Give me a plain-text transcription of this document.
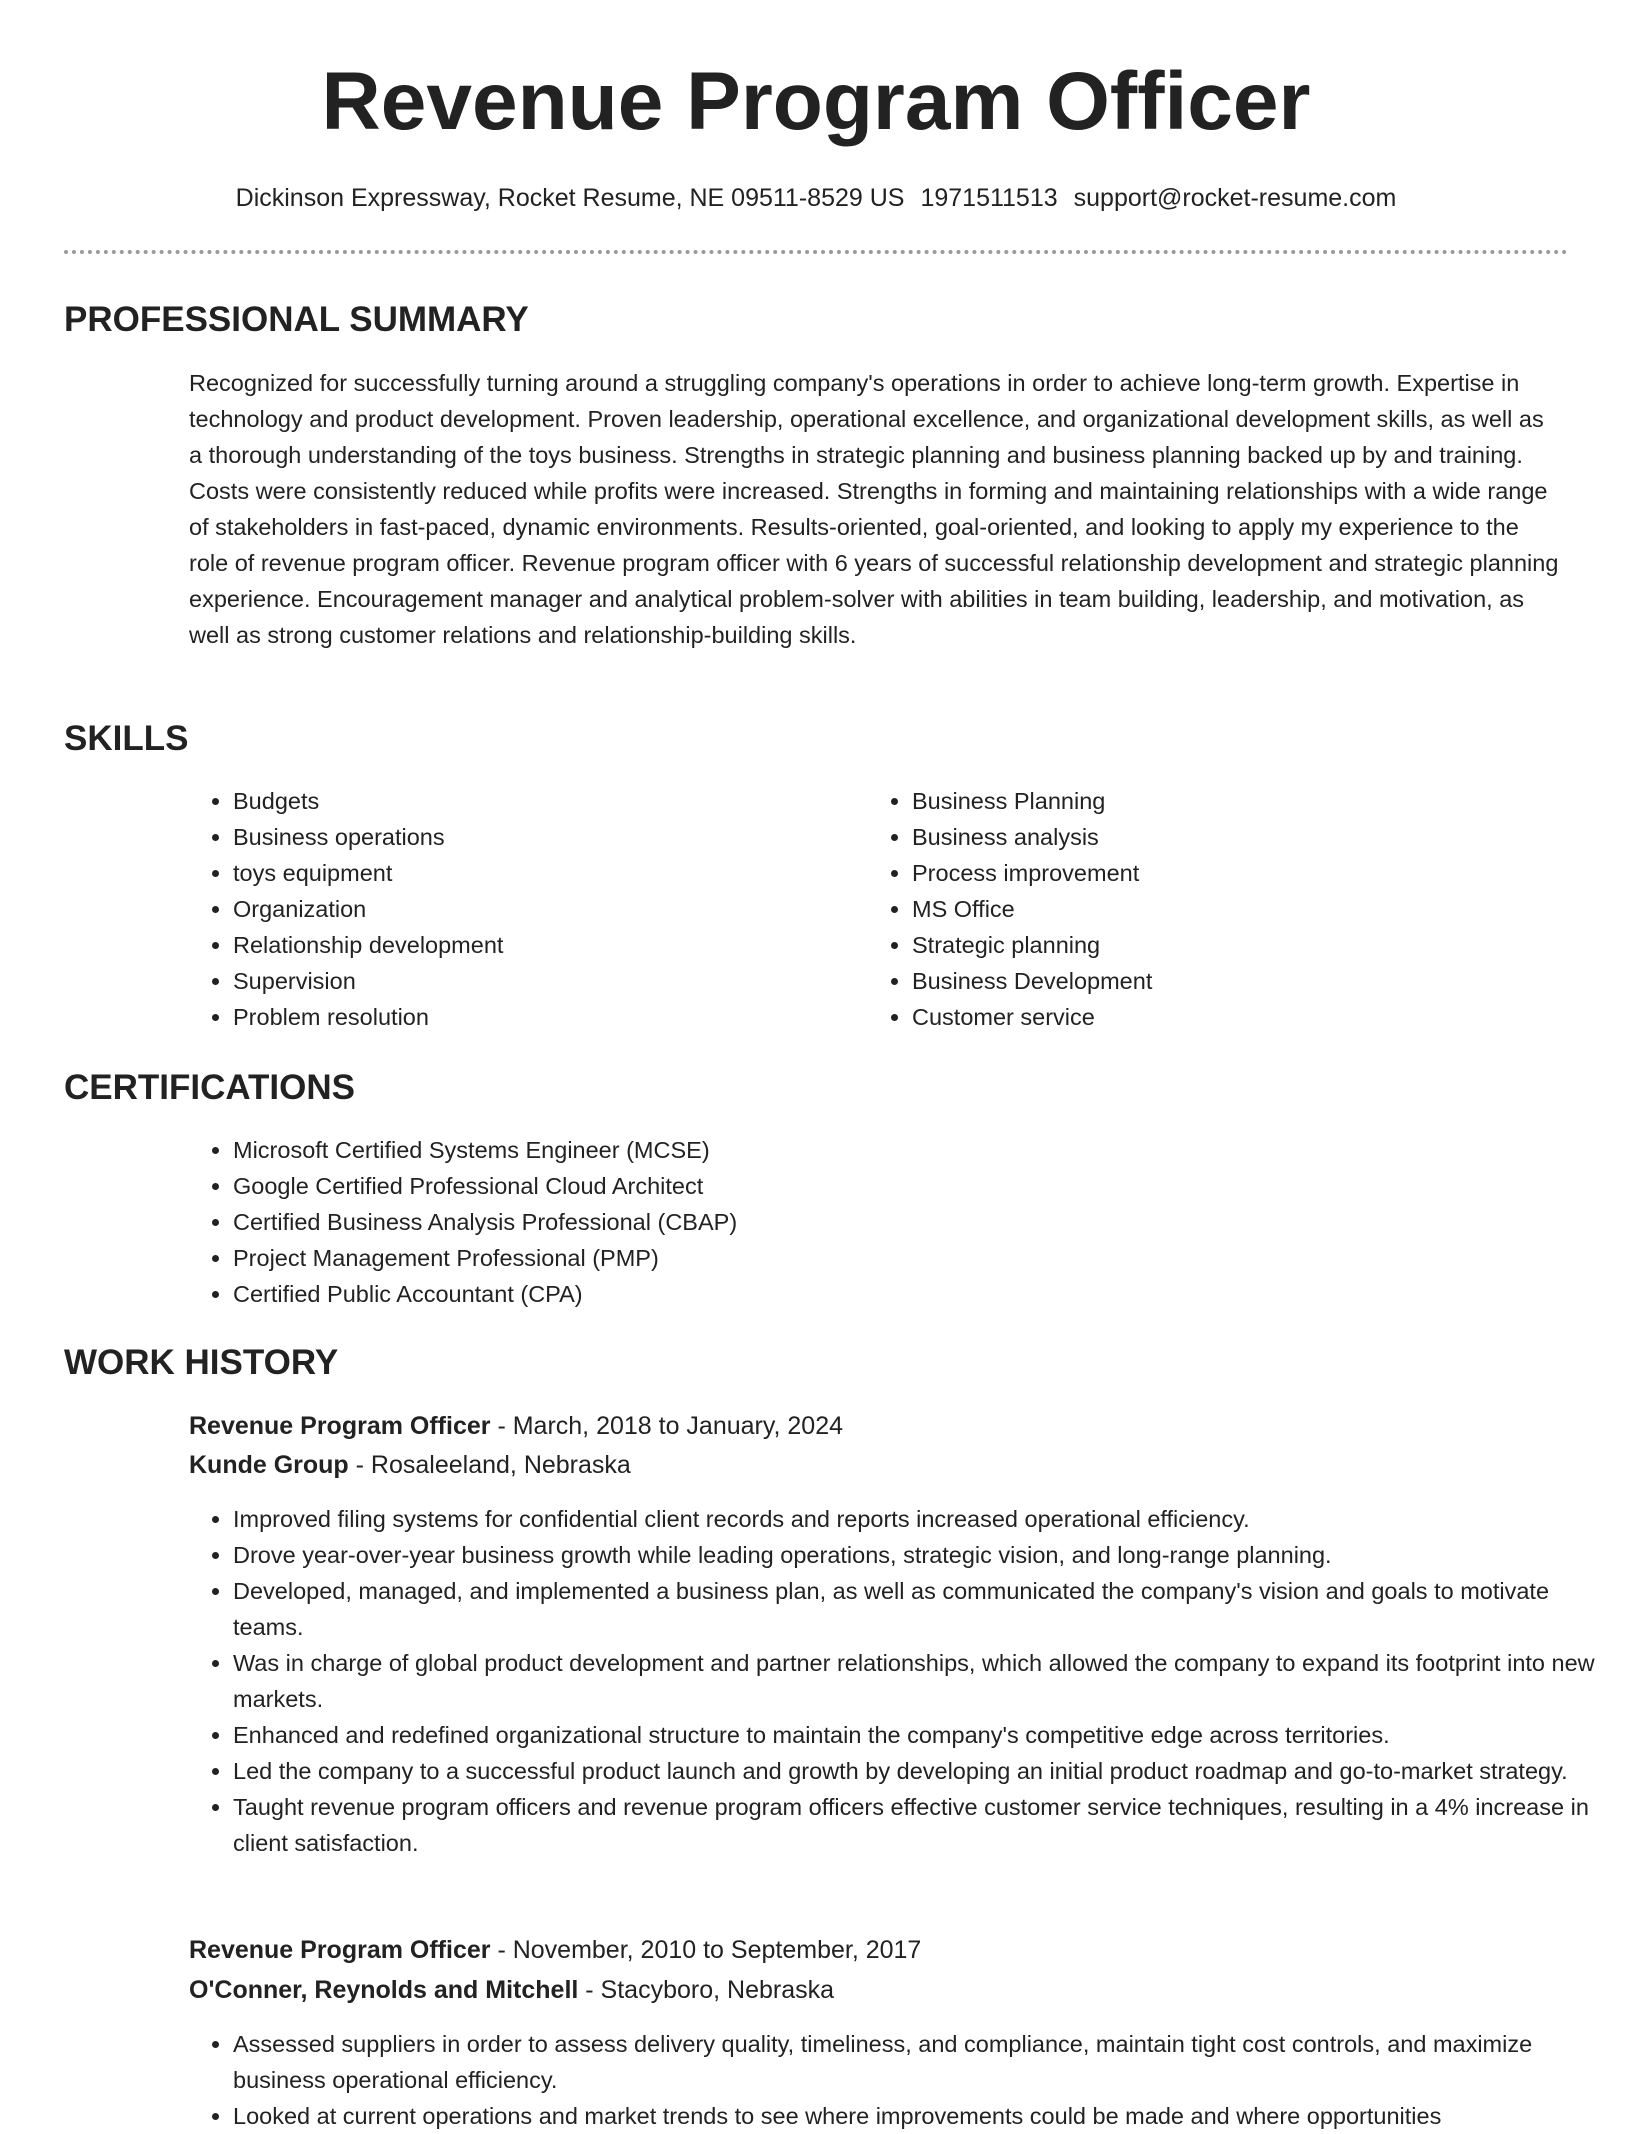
Revenue Program Officer
Dickinson Expressway, Rocket Resume, NE 09511-8529 US 1971511513 support@rocket-resume.com
PROFESSIONAL SUMMARY

Recognized for successfully turning around a struggling company's operations in order to achieve long-term growth. Expertise in technology and product development. Proven leadership, operational excellence, and organizational development skills, as well as a thorough understanding of the toys business. Strengths in strategic planning and business planning backed up by and training. Costs were consistently reduced while profits were increased. Strengths in forming and maintaining relationships with a wide range of stakeholders in fast-paced, dynamic environments. Results-oriented, goal-oriented, and looking to apply my experience to the role of revenue program officer. Revenue program officer with 6 years of successful relationship development and strategic planning experience. Encouragement manager and analytical problem-solver with abilities in team building, leadership, and motivation, as well as strong customer relations and relationship-building skills.

SKILLS
• Budgets
• Business operations
• toys equipment
• Organization
• Relationship development
• Supervision
• Problem resolution
• Business Planning
• Business analysis
• Process improvement
• MS Office
• Strategic planning
• Business Development
• Customer service
CERTIFICATIONS
• Microsoft Certified Systems Engineer (MCSE)
• Google Certified Professional Cloud Architect
• Certified Business Analysis Professional (CBAP)
• Project Management Professional (PMP)
• Certified Public Accountant (CPA)
WORK HISTORY
Revenue Program Officer - March, 2018 to January, 2024
Kunde Group - Rosaleeland, Nebraska
• Improved filing systems for confidential client records and reports increased operational efficiency.
• Drove year-over-year business growth while leading operations, strategic vision, and long-range planning.
• Developed, managed, and implemented a business plan, as well as communicated the company's vision and goals to motivate teams.
• Was in charge of global product development and partner relationships, which allowed the company to expand its footprint into new markets.
• Enhanced and redefined organizational structure to maintain the company's competitive edge across territories.
• Led the company to a successful product launch and growth by developing an initial product roadmap and go-to-market strategy.
• Taught revenue program officers and revenue program officers effective customer service techniques, resulting in a 4% increase in client satisfaction.
Revenue Program Officer - November, 2010 to September, 2017
O'Conner, Reynolds and Mitchell - Stacyboro, Nebraska
• Assessed suppliers in order to assess delivery quality, timeliness, and compliance, maintain tight cost controls, and maximize business operational efficiency.
• Looked at current operations and market trends to see where improvements could be made and where opportunities
